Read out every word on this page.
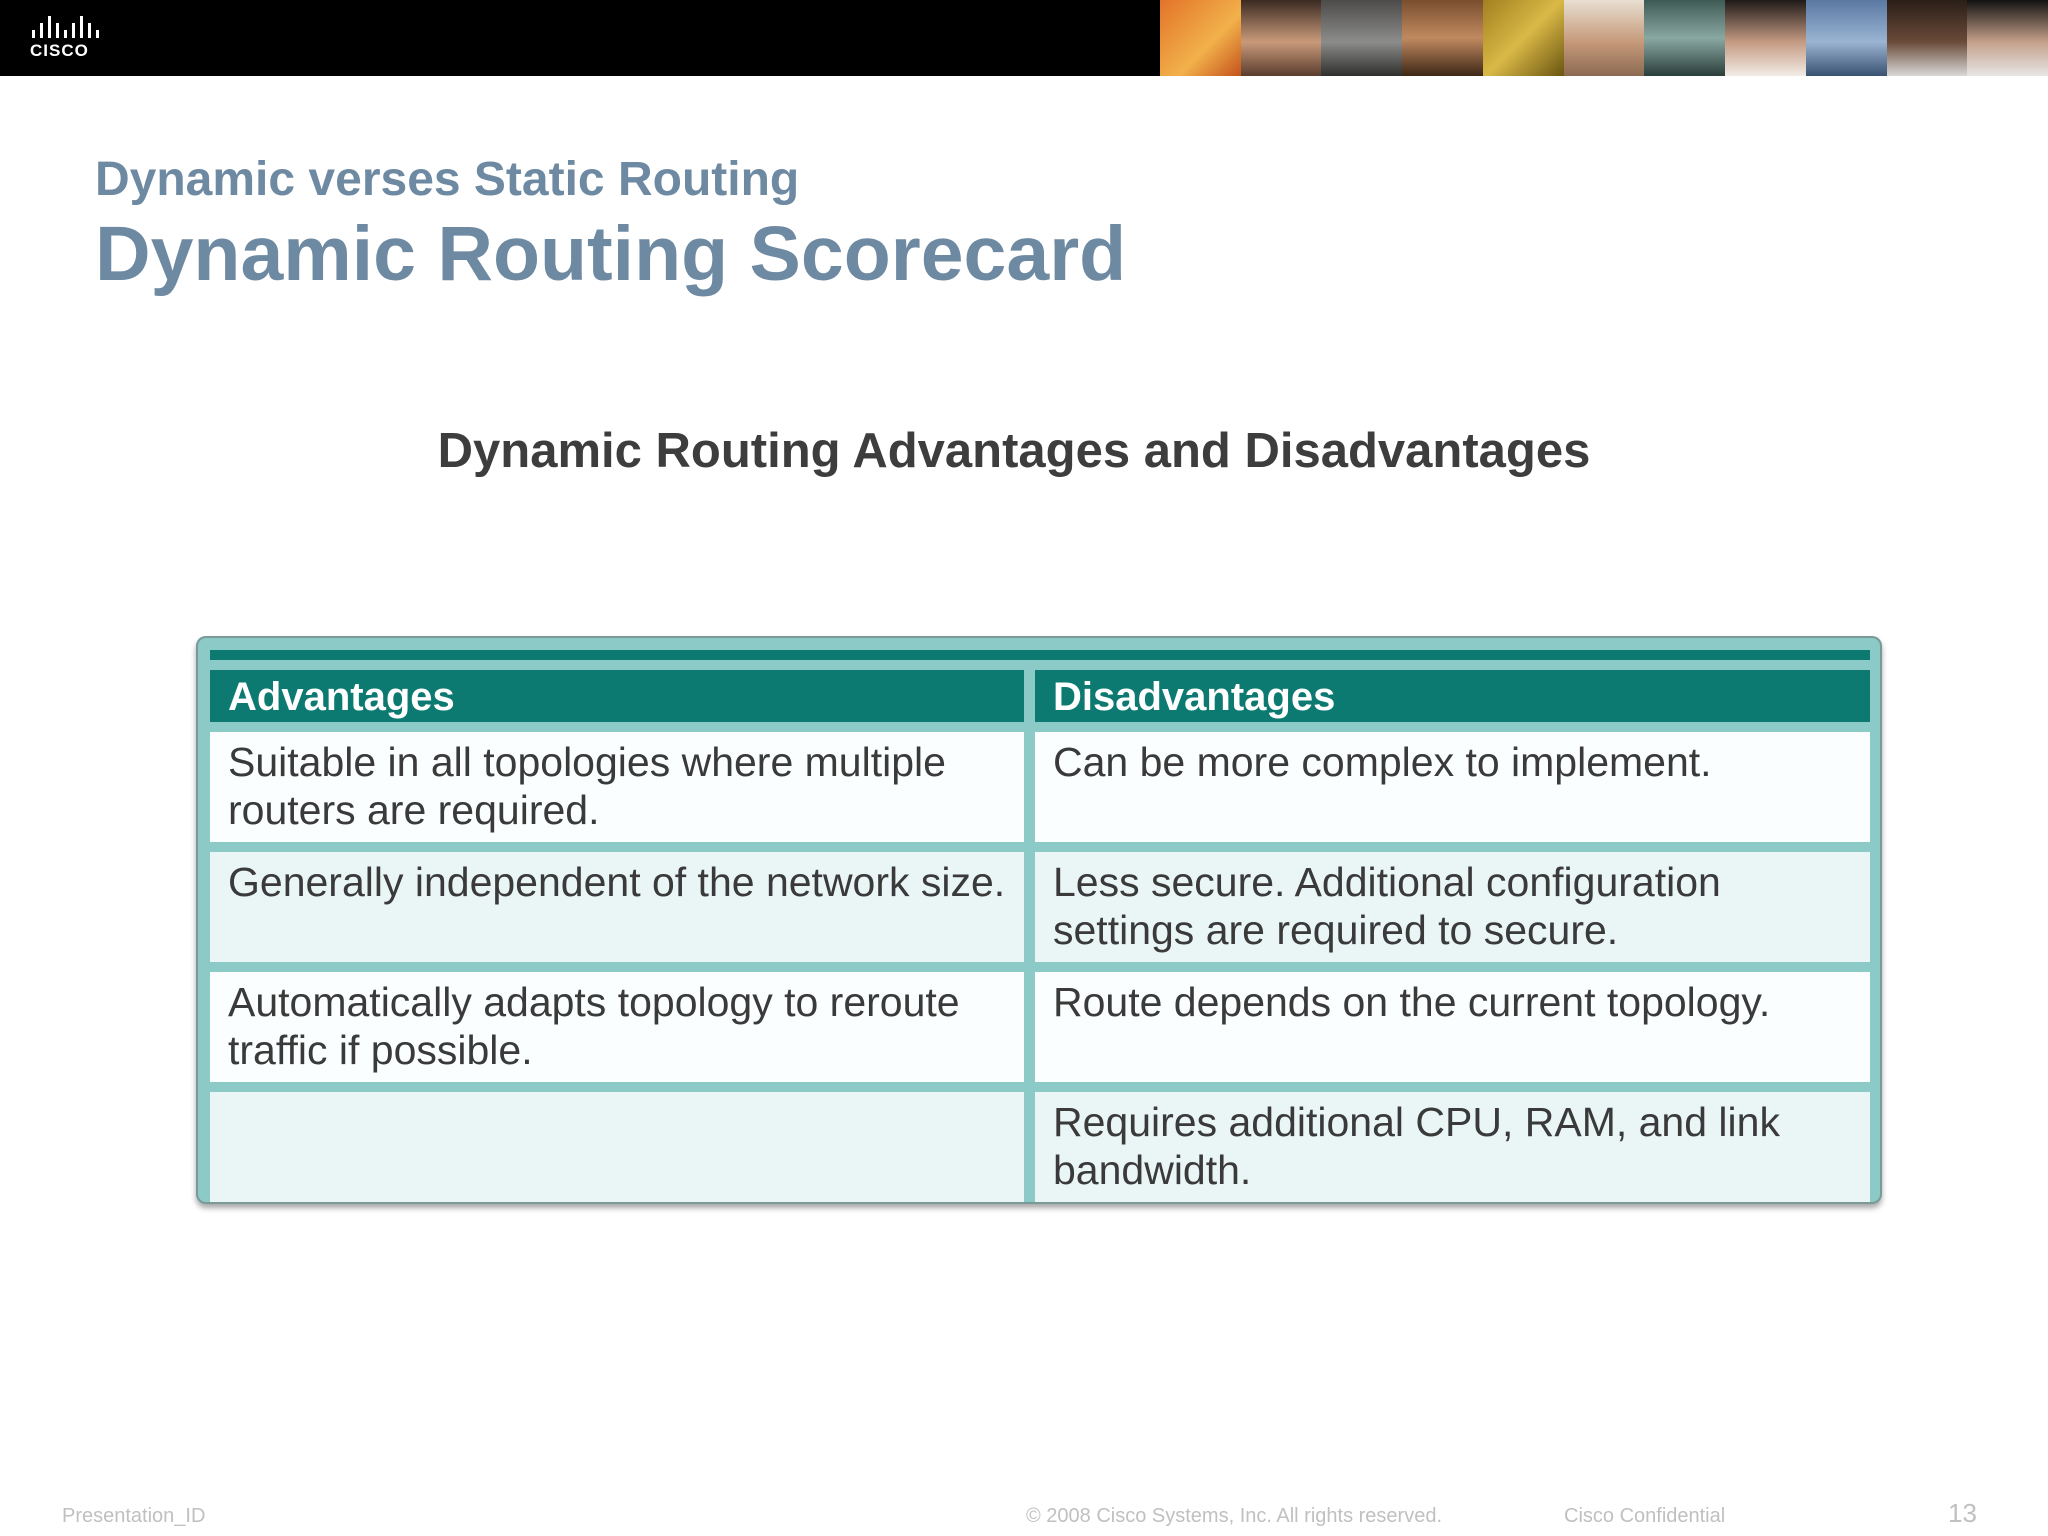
CISCO
Dynamic verses Static Routing
Dynamic Routing Scorecard
Dynamic Routing Advantages and Disadvantages
Advantages	Disadvantages
Suitable in all topologies where multiple routers are required.	Can be more complex to implement.
Generally independent of the network size.	Less secure. Additional configuration settings are required to secure.
Automatically adapts topology to reroute traffic if possible.	Route depends on the current topology.
	Requires additional CPU, RAM, and link bandwidth.
Presentation_ID	© 2008 Cisco Systems, Inc. All rights reserved.	Cisco Confidential	13
